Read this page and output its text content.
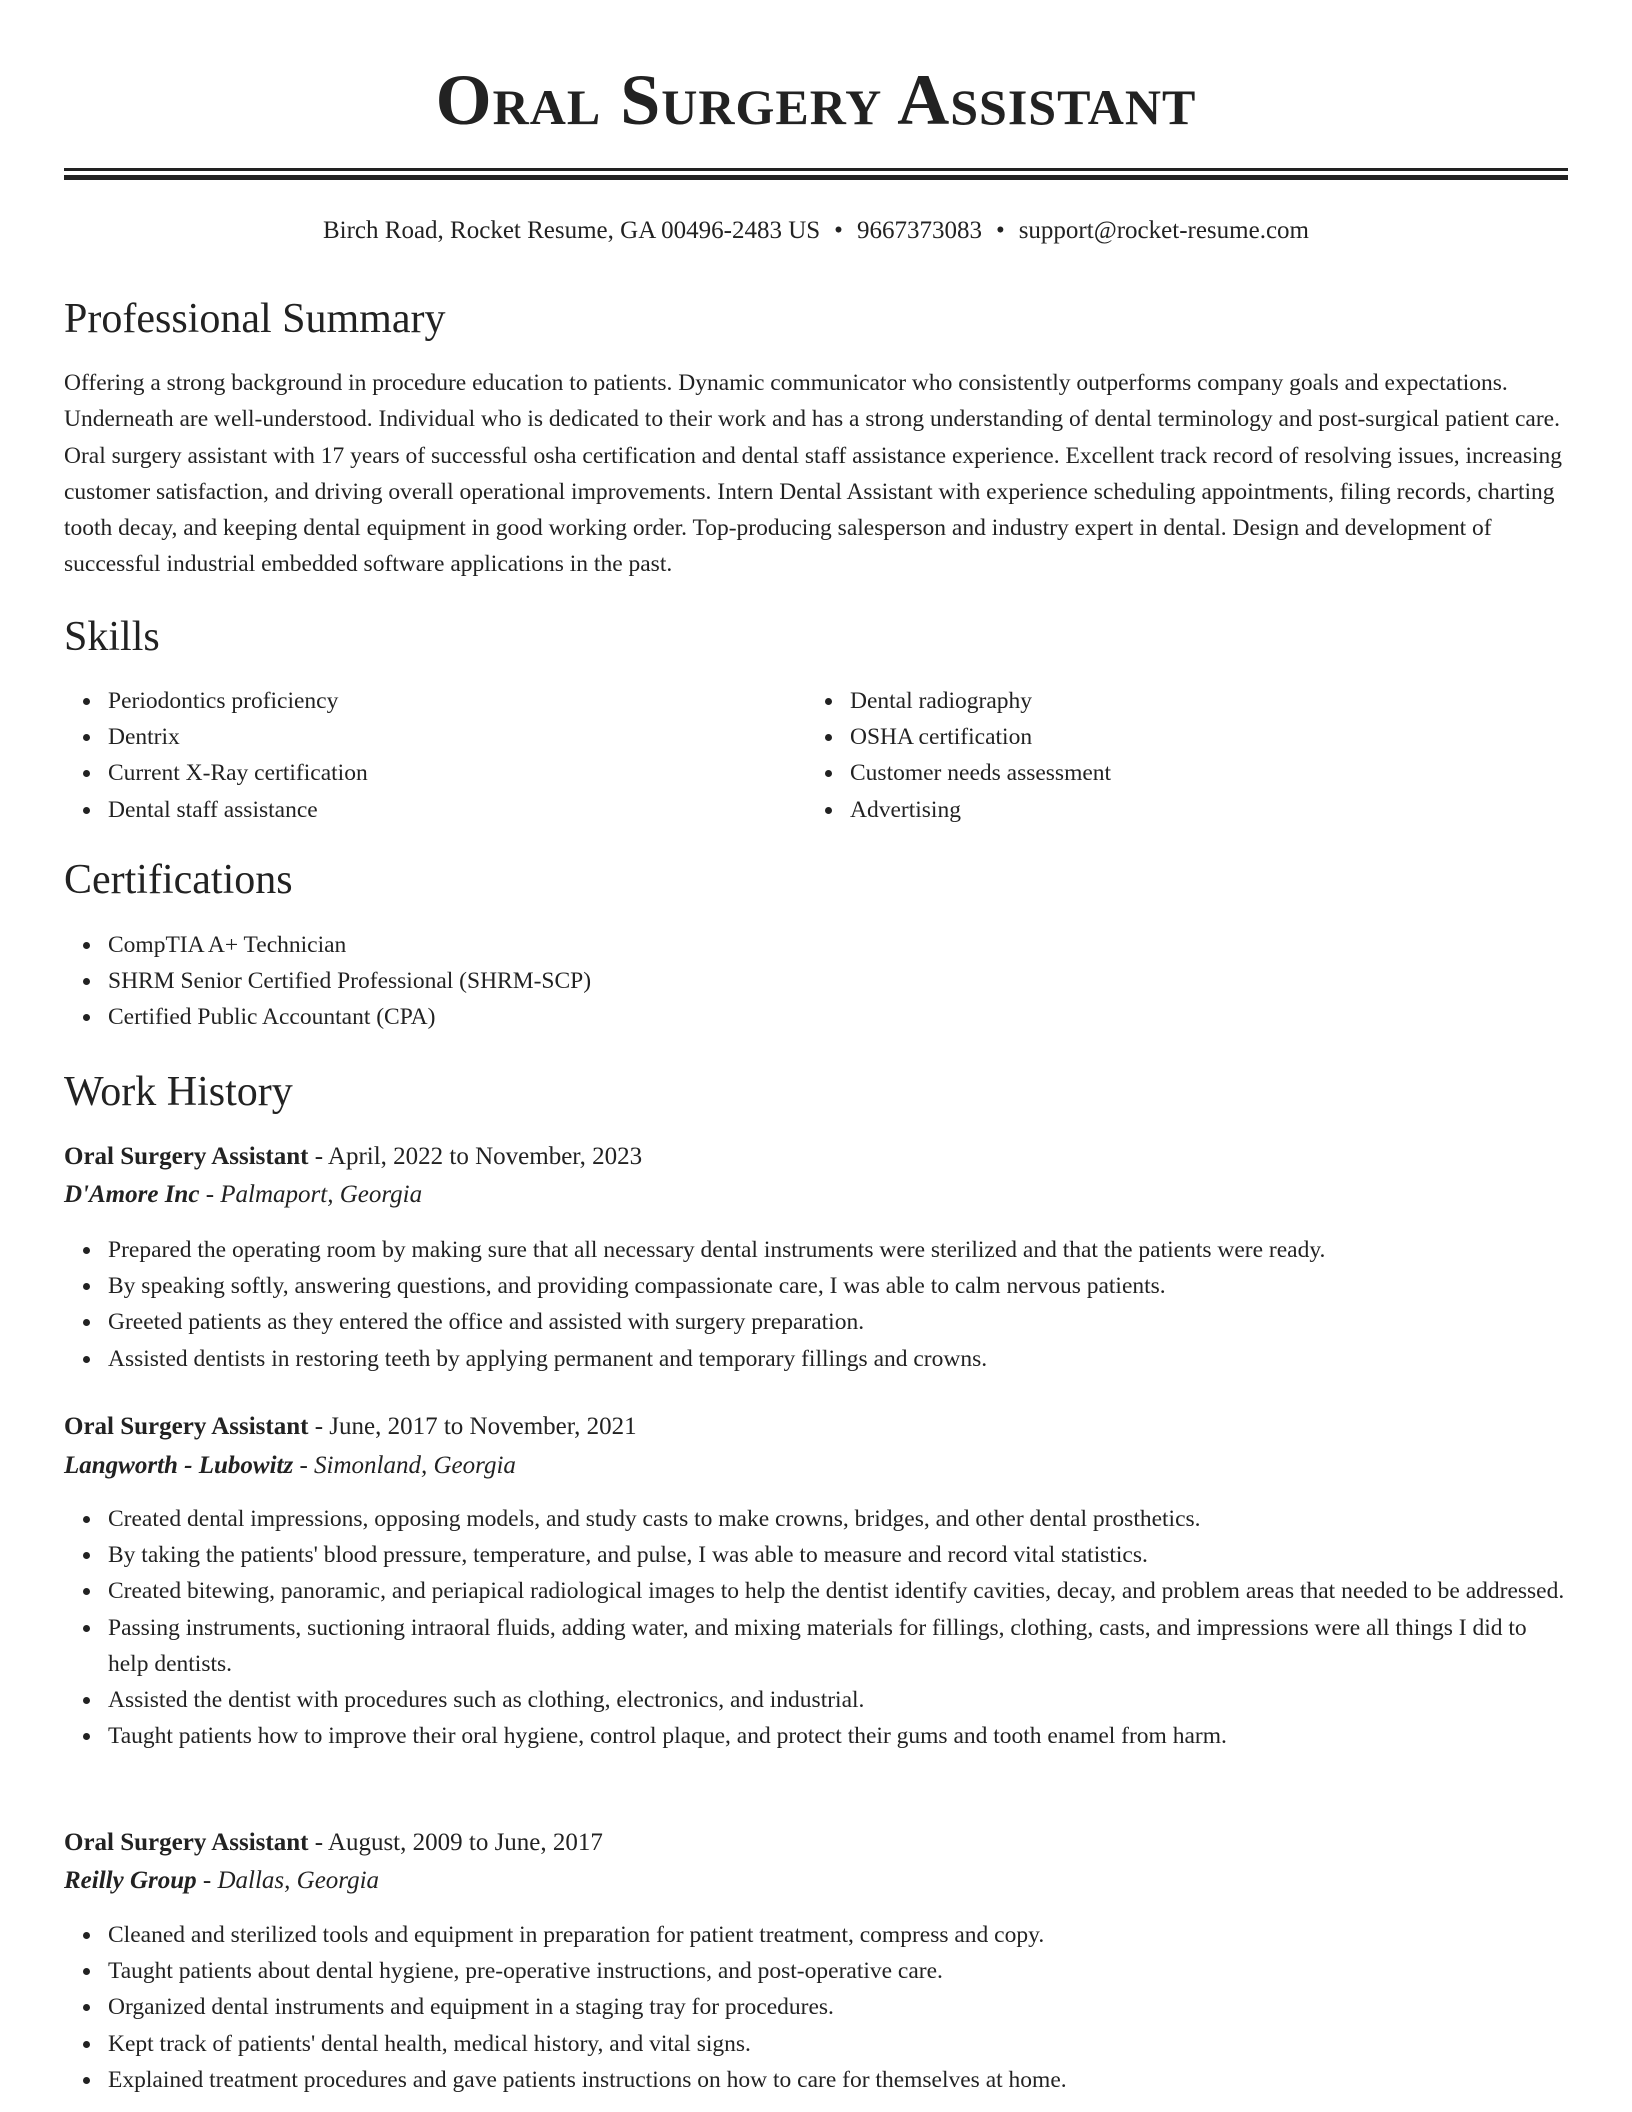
Oral Surgery Assistant
Birch Road, Rocket Resume, GA 00496-2483 US • 9667373083 • support@rocket-resume.com
Professional Summary

Offering a strong background in procedure education to patients. Dynamic communicator who consistently outperforms company goals and expectations. Underneath are well-understood. Individual who is dedicated to their work and has a strong understanding of dental terminology and post-surgical patient care. Oral surgery assistant with 17 years of successful osha certification and dental staff assistance experience. Excellent track record of resolving issues, increasing customer satisfaction, and driving overall operational improvements. Intern Dental Assistant with experience scheduling appointments, filing records, charting tooth decay, and keeping dental equipment in good working order. Top-producing salesperson and industry expert in dental. Design and development of successful industrial embedded software applications in the past.

Skills
Periodontics proficiency
Dentrix
Current X-Ray certification
Dental staff assistance
Dental radiography
OSHA certification
Customer needs assessment
Advertising
Certifications
CompTIA A+ Technician
SHRM Senior Certified Professional (SHRM-SCP)
Certified Public Accountant (CPA)
Work History
Oral Surgery Assistant - April, 2022 to November, 2023
D'Amore Inc - Palmaport, Georgia
Prepared the operating room by making sure that all necessary dental instruments were sterilized and that the patients were ready.
By speaking softly, answering questions, and providing compassionate care, I was able to calm nervous patients.
Greeted patients as they entered the office and assisted with surgery preparation.
Assisted dentists in restoring teeth by applying permanent and temporary fillings and crowns.
Oral Surgery Assistant - June, 2017 to November, 2021
Langworth - Lubowitz - Simonland, Georgia
Created dental impressions, opposing models, and study casts to make crowns, bridges, and other dental prosthetics.
By taking the patients' blood pressure, temperature, and pulse, I was able to measure and record vital statistics.
Created bitewing, panoramic, and periapical radiological images to help the dentist identify cavities, decay, and problem areas that needed to be addressed.
Passing instruments, suctioning intraoral fluids, adding water, and mixing materials for fillings, clothing, casts, and impressions were all things I did to help dentists.
Assisted the dentist with procedures such as clothing, electronics, and industrial.
Taught patients how to improve their oral hygiene, control plaque, and protect their gums and tooth enamel from harm.
Oral Surgery Assistant - August, 2009 to June, 2017
Reilly Group - Dallas, Georgia
Cleaned and sterilized tools and equipment in preparation for patient treatment, compress and copy.
Taught patients about dental hygiene, pre-operative instructions, and post-operative care.
Organized dental instruments and equipment in a staging tray for procedures.
Kept track of patients' dental health, medical history, and vital signs.
Explained treatment procedures and gave patients instructions on how to care for themselves at home.
